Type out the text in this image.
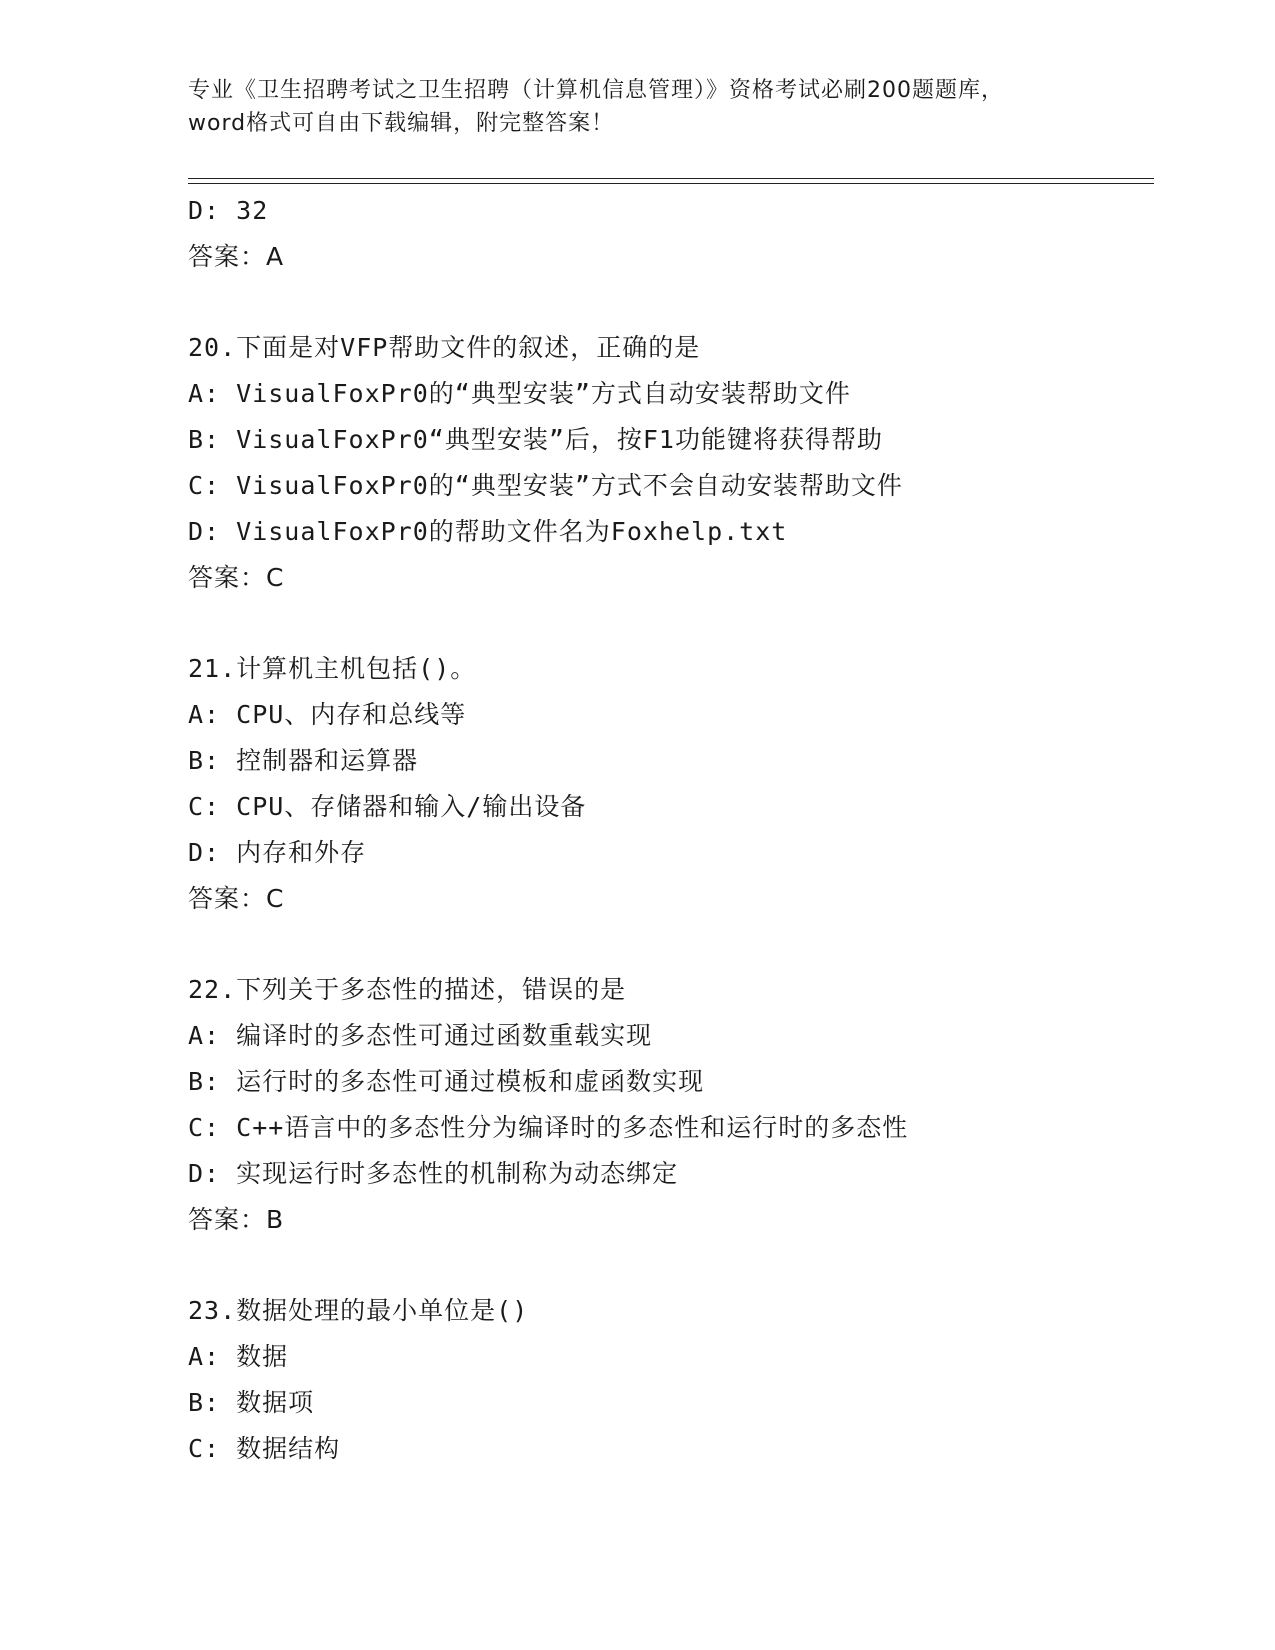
专业《卫生招聘考试之卫生招聘（计算机信息管理）》资格考试必刷200题题库，
word格式可自由下载编辑，附完整答案！
D: 32
答案：A
20.下面是对VFP帮助文件的叙述，正确的是
A: VisualFoxPr0的“典型安装”方式自动安装帮助文件
B: VisualFoxPr0“典型安装”后，按F1功能键将获得帮助
C: VisualFoxPr0的“典型安装”方式不会自动安装帮助文件
D: VisualFoxPr0的帮助文件名为Foxhelp.txt
答案：C
21.计算机主机包括()。
A: CPU、内存和总线等
B: 控制器和运算器
C: CPU、存储器和输入/输出设备
D: 内存和外存
答案：C
22.下列关于多态性的描述，错误的是
A: 编译时的多态性可通过函数重载实现
B: 运行时的多态性可通过模板和虚函数实现
C: C++语言中的多态性分为编译时的多态性和运行时的多态性
D: 实现运行时多态性的机制称为动态绑定
答案：B
23.数据处理的最小单位是()
A: 数据
B: 数据项
C: 数据结构
